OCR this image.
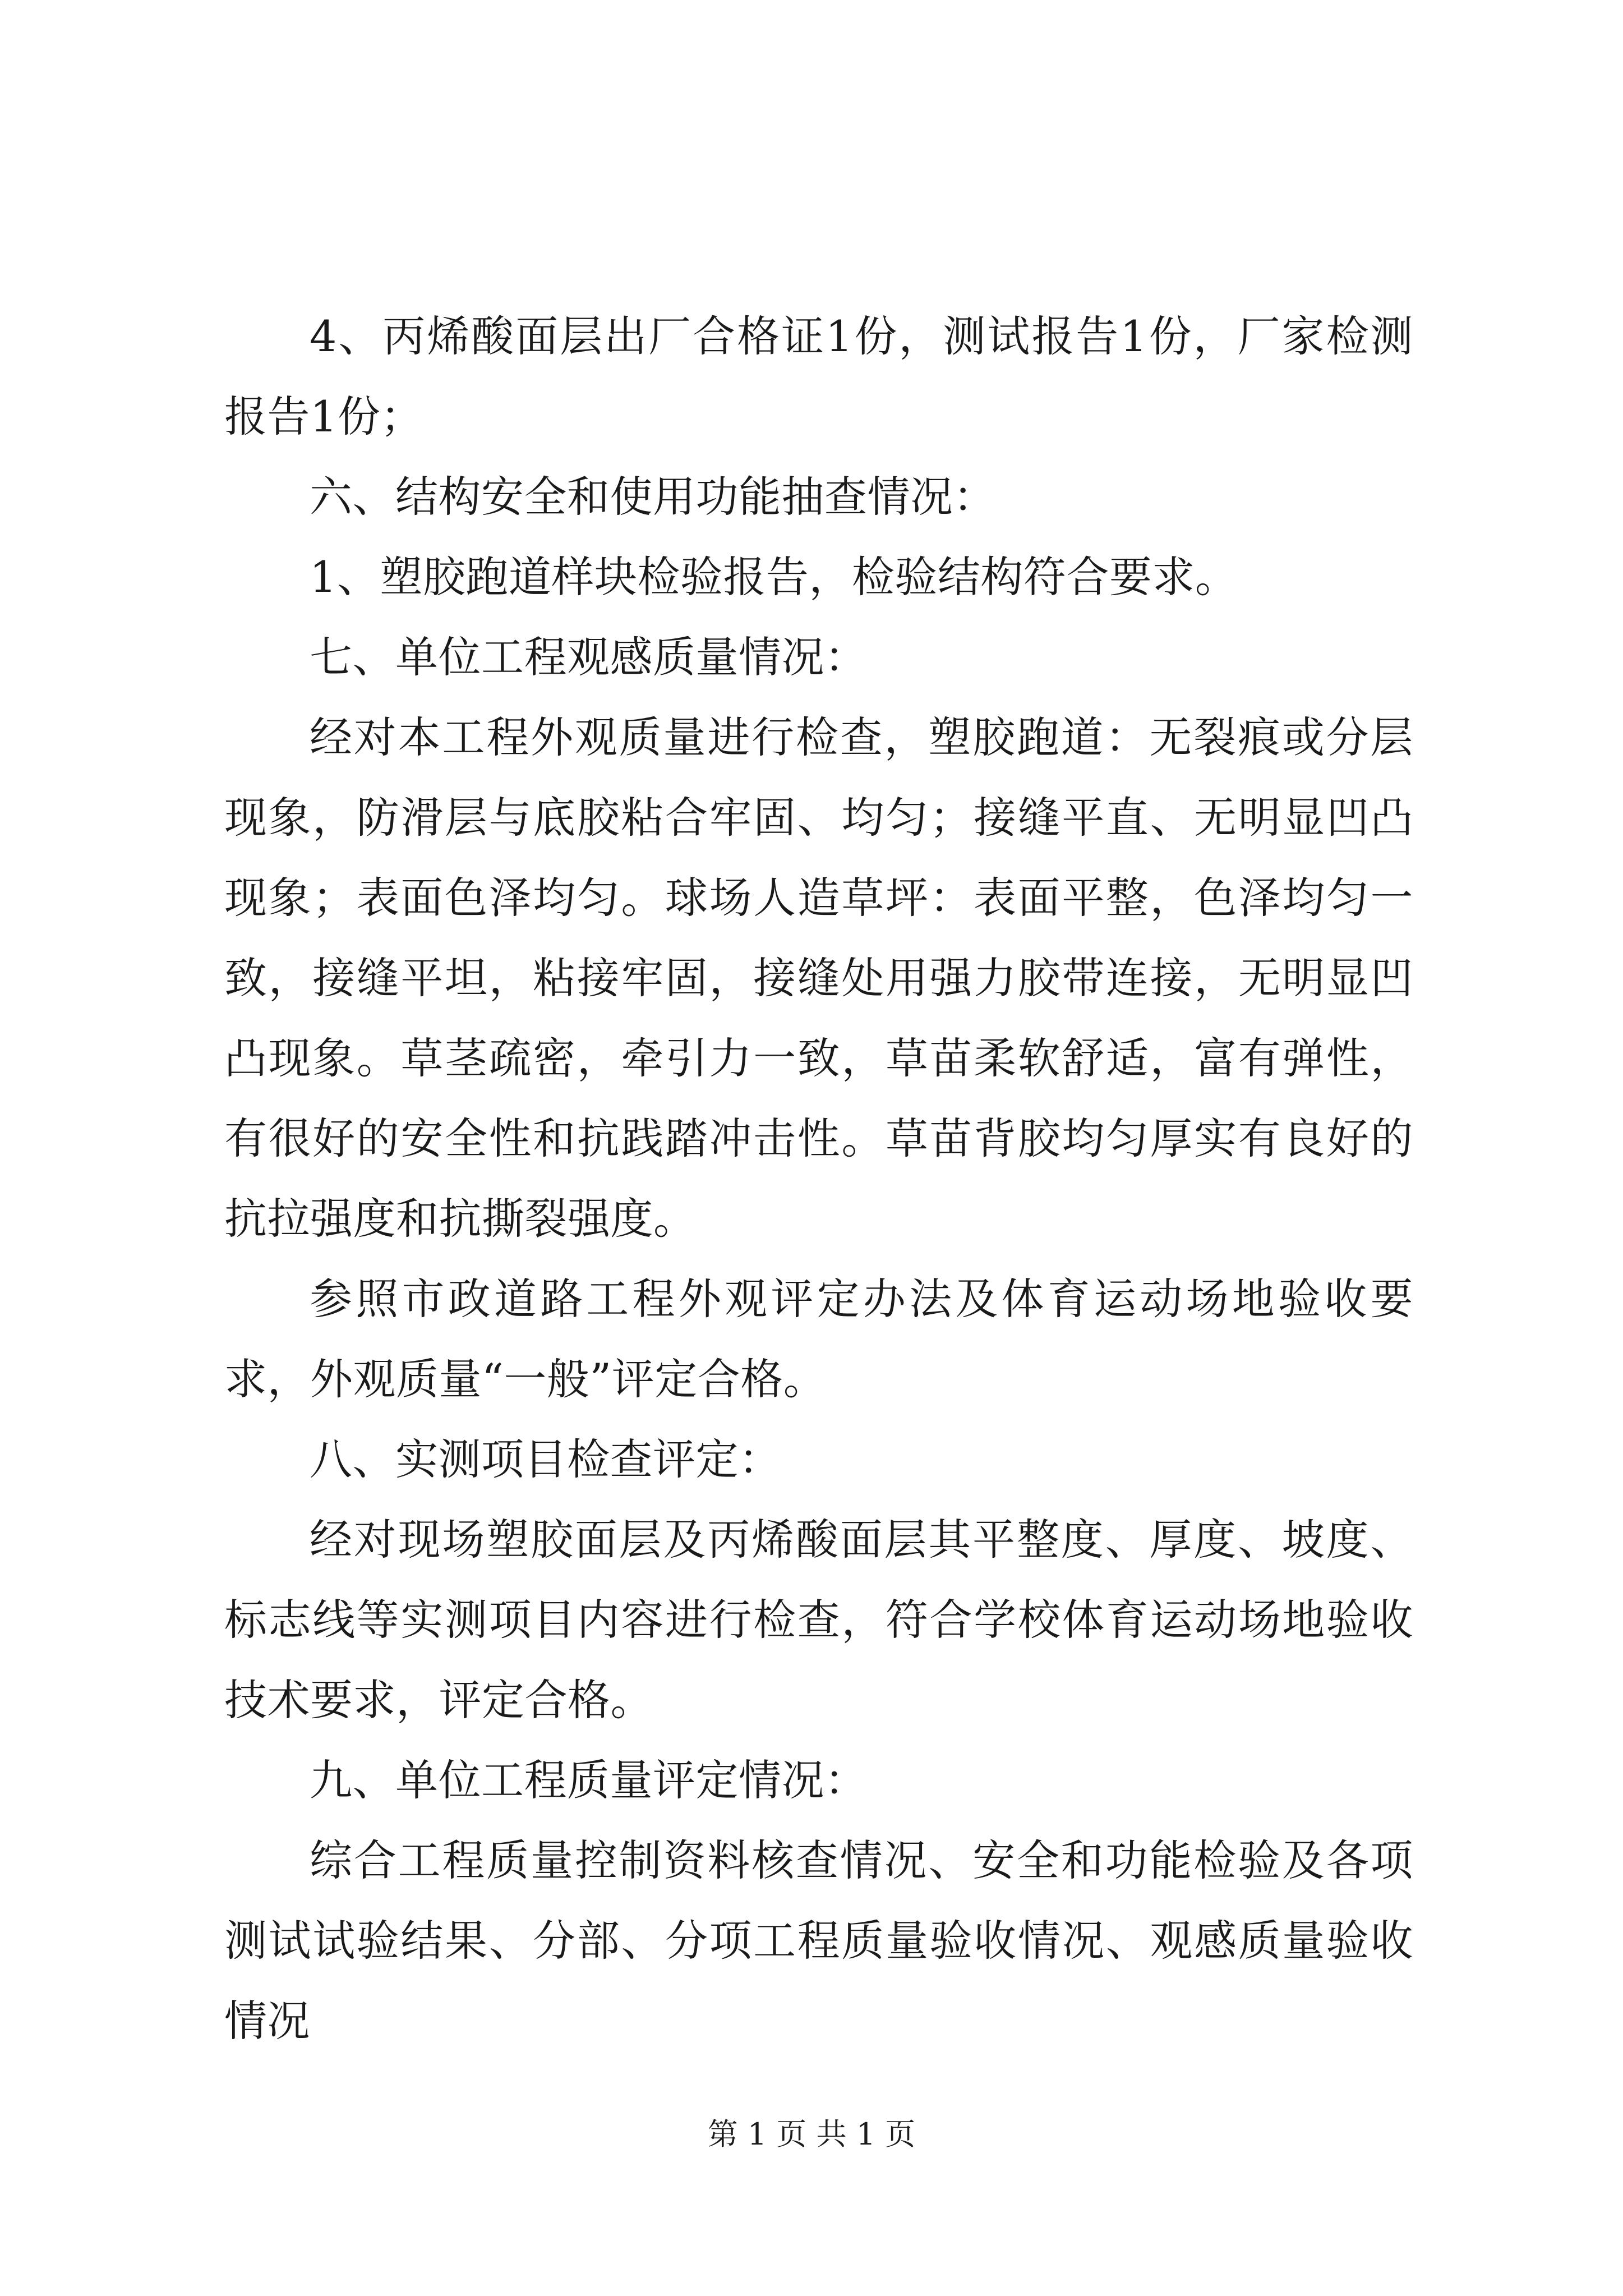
4、丙烯酸面层出厂合格证1份，测试报告1份，厂家检测报告1份；

六、结构安全和使用功能抽查情况：

1、塑胶跑道样块检验报告，检验结构符合要求。

七、单位工程观感质量情况：

经对本工程外观质量进行检查，塑胶跑道：无裂痕或分层现象，防滑层与底胶粘合牢固、均匀；接缝平直、无明显凹凸现象；表面色泽均匀。球场人造草坪：表面平整，色泽均匀一致，接缝平坦，粘接牢固，接缝处用强力胶带连接，无明显凹凸现象。草茎疏密，牵引力一致，草苗柔软舒适，富有弹性，有很好的安全性和抗践踏冲击性。草苗背胶均匀厚实有良好的抗拉强度和抗撕裂强度。

参照市政道路工程外观评定办法及体育运动场地验收要求，外观质量“一般”评定合格。

八、实测项目检查评定：

经对现场塑胶面层及丙烯酸面层其平整度、厚度、坡度、标志线等实测项目内容进行检查，符合学校体育运动场地验收技术要求，评定合格。

九、单位工程质量评定情况：

综合工程质量控制资料核查情况、安全和功能检验及各项测试试验结果、分部、分项工程质量验收情况、观感质量验收情况

第 1 页 共 1 页
